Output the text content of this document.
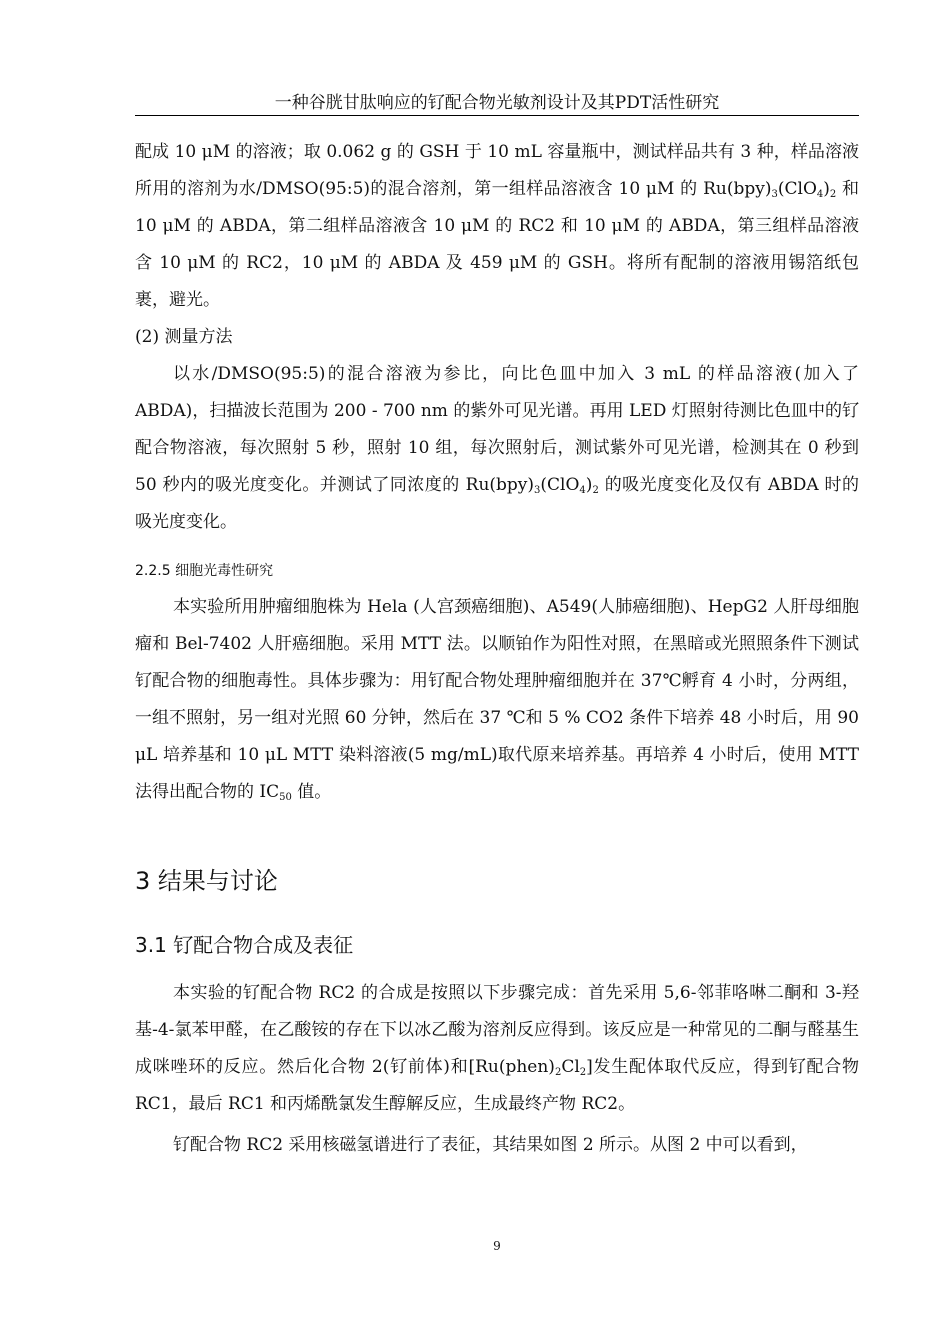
一种谷胱甘肽响应的钌配合物光敏剂设计及其PDT活性研究

配成 10 μM 的溶液；取 0.062 g 的 GSH 于 10 mL 容量瓶中，测试样品共有 3 种，样品溶液所用的溶剂为水/DMSO(95:5)的混合溶剂，第一组样品溶液含 10 μM 的 $Ru(bpy)_3(ClO_4)_2$ 和 10 μM 的 ABDA，第二组样品溶液含 10 μM 的 RC2 和 10 μM 的 ABDA，第三组样品溶液含 10 μM 的 RC2，10 μM 的 ABDA 及 459 μM 的 GSH。将所有配制的溶液用锡箔纸包裹，避光。

(2) 测量方法

以水/DMSO(95:5)的混合溶液为参比，向比色皿中加入 3 mL 的样品溶液(加入了 ABDA)，扫描波长范围为 200 - 700 nm 的紫外可见光谱。再用 LED 灯照射待测比色皿中的钌配合物溶液，每次照射 5 秒，照射 10 组，每次照射后，测试紫外可见光谱，检测其在 0 秒到 50 秒内的吸光度变化。并测试了同浓度的 $Ru(bpy)_3(ClO_4)_2$ 的吸光度变化及仅有 ABDA 时的吸光度变化。

2.2.5 细胞光毒性研究

本实验所用肿瘤细胞株为 Hela (人宫颈癌细胞)、A549(人肺癌细胞)、HepG2 人肝母细胞瘤和 Bel-7402 人肝癌细胞。采用 MTT 法。以顺铂作为阳性对照，在黑暗或光照照条件下测试钌配合物的细胞毒性。具体步骤为：用钌配合物处理肿瘤细胞并在 37℃孵育 4 小时，分两组，一组不照射，另一组对光照 60 分钟，然后在 37 ℃和 5 % CO2 条件下培养 48 小时后，用 90 μL 培养基和 10 μL MTT 染料溶液(5 mg/mL)取代原来培养基。再培养 4 小时后，使用 MTT 法得出配合物的 $IC_{50}$ 值。

3 结果与讨论
3.1 钌配合物合成及表征

本实验的钌配合物 RC2 的合成是按照以下步骤完成：首先采用 5,6-邻菲咯啉二酮和 3-羟基-4-氯苯甲醛，在乙酸铵的存在下以冰乙酸为溶剂反应得到。该反应是一种常见的二酮与醛基生成咪唑环的反应。然后化合物 2(钌前体)和$[Ru(phen)_2Cl_2]$发生配体取代反应，得到钌配合物 RC1，最后 RC1 和丙烯酰氯发生醇解反应，生成最终产物 RC2。

钌配合物 RC2 采用核磁氢谱进行了表征，其结果如图 2 所示。从图 2 中可以看到，

9
